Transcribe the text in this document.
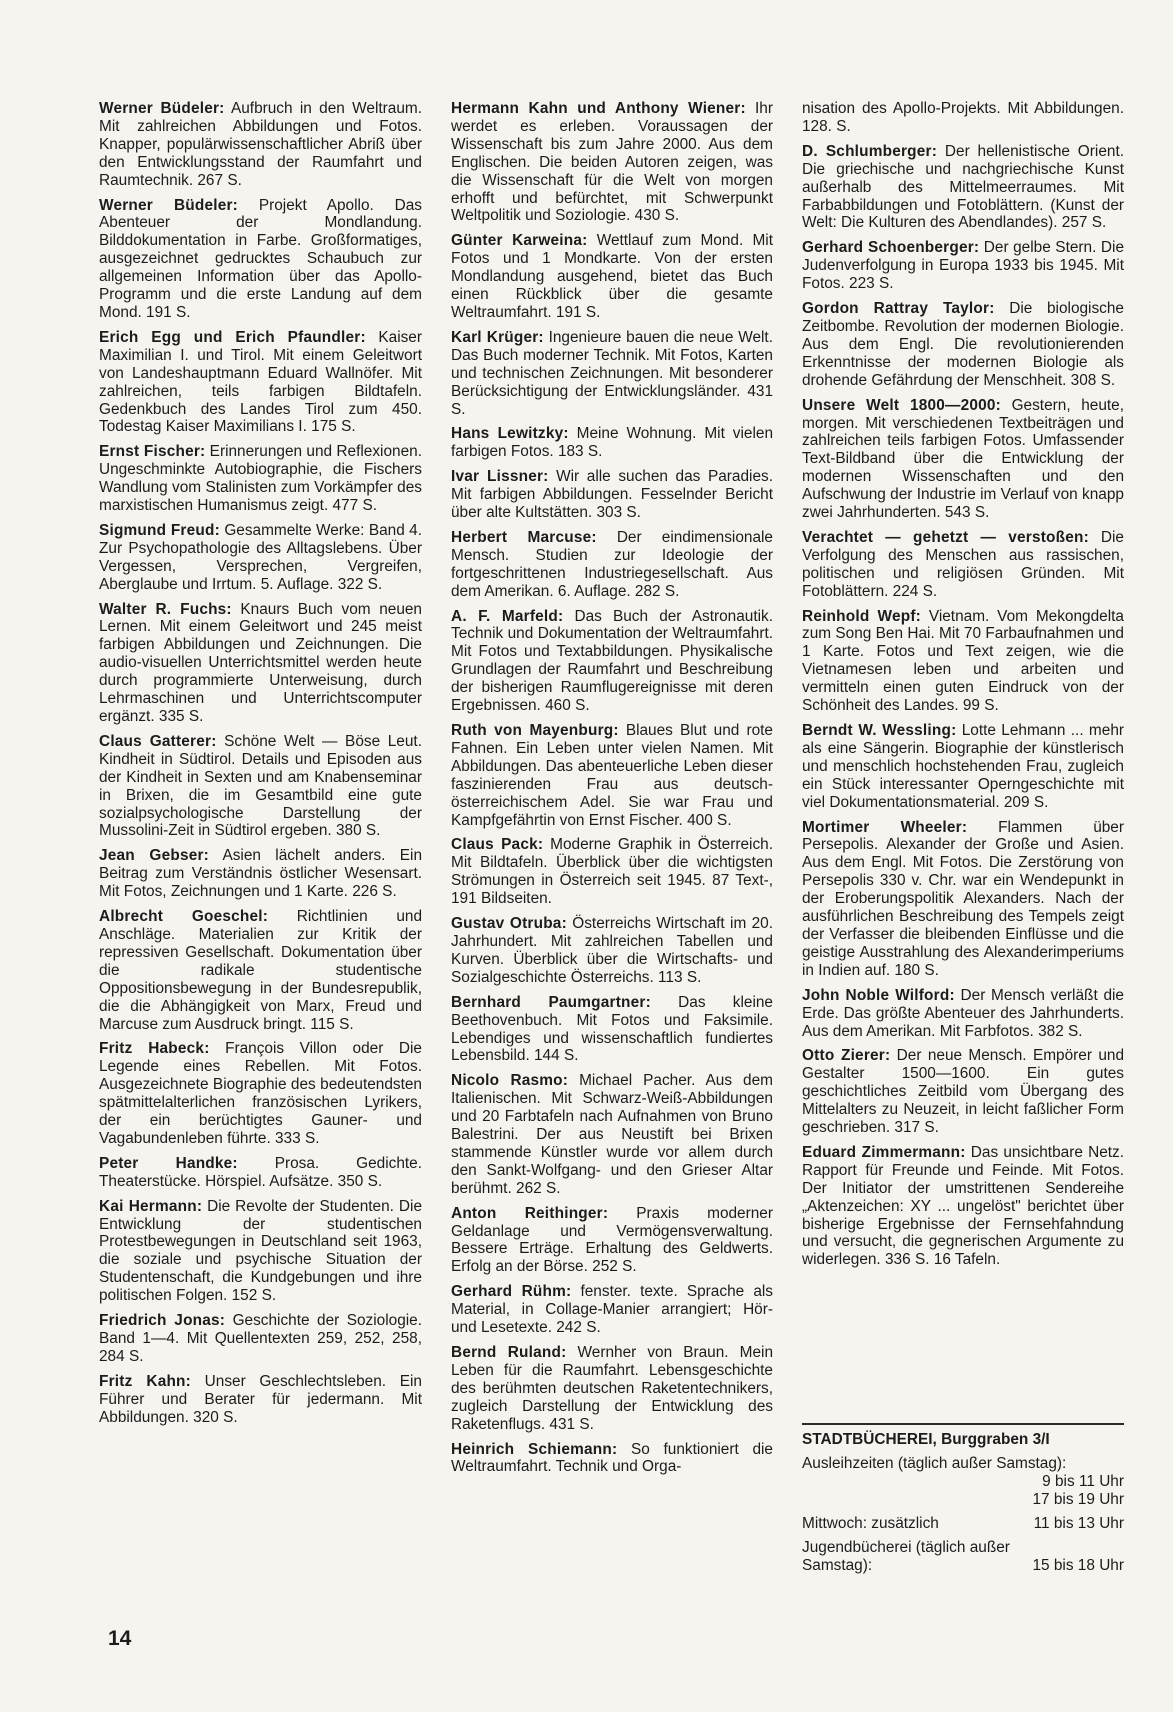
Werner Büdeler: Aufbruch in den Weltraum. Mit zahlreichen Abbildungen und Fotos. Knapper, populärwissenschaftlicher Abriß über den Entwicklungsstand der Raumfahrt und Raumtechnik. 267 S.

Werner Büdeler: Projekt Apollo. Das Abenteuer der Mondlandung. Bilddokumentation in Farbe. Großformatiges, ausgezeichnet gedrucktes Schaubuch zur allgemeinen Information über das Apollo-Programm und die erste Landung auf dem Mond. 191 S.

Erich Egg und Erich Pfaundler: Kaiser Maximilian I. und Tirol. Mit einem Geleitwort von Landeshauptmann Eduard Wallnöfer. Mit zahlreichen, teils farbigen Bildtafeln. Gedenkbuch des Landes Tirol zum 450. Todestag Kaiser Maximilians I. 175 S.

Ernst Fischer: Erinnerungen und Reflexionen. Ungeschminkte Autobiographie, die Fischers Wandlung vom Stalinisten zum Vorkämpfer des marxistischen Humanismus zeigt. 477 S.

Sigmund Freud: Gesammelte Werke: Band 4. Zur Psychopathologie des Alltagslebens. Über Vergessen, Versprechen, Vergreifen, Aberglaube und Irrtum. 5. Auflage. 322 S.

Walter R. Fuchs: Knaurs Buch vom neuen Lernen. Mit einem Geleitwort und 245 meist farbigen Abbildungen und Zeichnungen. Die audio-visuellen Unterrichtsmittel werden heute durch programmierte Unterweisung, durch Lehrmaschinen und Unterrichtscomputer ergänzt. 335 S.

Claus Gatterer: Schöne Welt — Böse Leut. Kindheit in Südtirol. Details und Episoden aus der Kindheit in Sexten und am Knabenseminar in Brixen, die im Gesamtbild eine gute sozialpsychologische Darstellung der Mussolini-Zeit in Südtirol ergeben. 380 S.

Jean Gebser: Asien lächelt anders. Ein Beitrag zum Verständnis östlicher Wesensart. Mit Fotos, Zeichnungen und 1 Karte. 226 S.

Albrecht Goeschel: Richtlinien und Anschläge. Materialien zur Kritik der repressiven Gesellschaft. Dokumentation über die radikale studentische Oppositionsbewegung in der Bundesrepublik, die die Abhängigkeit von Marx, Freud und Marcuse zum Ausdruck bringt. 115 S.

Fritz Habeck: François Villon oder Die Legende eines Rebellen. Mit Fotos. Ausgezeichnete Biographie des bedeutendsten spätmittelalterlichen französischen Lyrikers, der ein berüchtigtes Gauner- und Vagabundenleben führte. 333 S.

Peter Handke: Prosa. Gedichte. Theaterstücke. Hörspiel. Aufsätze. 350 S.

Kai Hermann: Die Revolte der Studenten. Die Entwicklung der studentischen Protestbewegungen in Deutschland seit 1963, die soziale und psychische Situation der Studentenschaft, die Kundgebungen und ihre politischen Folgen. 152 S.

Friedrich Jonas: Geschichte der Soziologie. Band 1—4. Mit Quellentexten 259, 252, 258, 284 S.

Fritz Kahn: Unser Geschlechtsleben. Ein Führer und Berater für jedermann. Mit Abbildungen. 320 S.

Hermann Kahn und Anthony Wiener: Ihr werdet es erleben. Voraussagen der Wissenschaft bis zum Jahre 2000. Aus dem Englischen. Die beiden Autoren zeigen, was die Wissenschaft für die Welt von morgen erhofft und befürchtet, mit Schwerpunkt Weltpolitik und Soziologie. 430 S.

Günter Karweina: Wettlauf zum Mond. Mit Fotos und 1 Mondkarte. Von der ersten Mondlandung ausgehend, bietet das Buch einen Rückblick über die gesamte Weltraumfahrt. 191 S.

Karl Krüger: Ingenieure bauen die neue Welt. Das Buch moderner Technik. Mit Fotos, Karten und technischen Zeichnungen. Mit besonderer Berücksichtigung der Entwicklungsländer. 431 S.

Hans Lewitzky: Meine Wohnung. Mit vielen farbigen Fotos. 183 S.

Ivar Lissner: Wir alle suchen das Paradies. Mit farbigen Abbildungen. Fesselnder Bericht über alte Kultstätten. 303 S.

Herbert Marcuse: Der eindimensionale Mensch. Studien zur Ideologie der fortgeschrittenen Industriegesellschaft. Aus dem Amerikan. 6. Auflage. 282 S.

A. F. Marfeld: Das Buch der Astronautik. Technik und Dokumentation der Weltraumfahrt. Mit Fotos und Textabbildungen. Physikalische Grundlagen der Raumfahrt und Beschreibung der bisherigen Raumflugereignisse mit deren Ergebnissen. 460 S.

Ruth von Mayenburg: Blaues Blut und rote Fahnen. Ein Leben unter vielen Namen. Mit Abbildungen. Das abenteuerliche Leben dieser faszinierenden Frau aus deutsch-österreichischem Adel. Sie war Frau und Kampfgefährtin von Ernst Fischer. 400 S.

Claus Pack: Moderne Graphik in Österreich. Mit Bildtafeln. Überblick über die wichtigsten Strömungen in Österreich seit 1945. 87 Text-, 191 Bildseiten.

Gustav Otruba: Österreichs Wirtschaft im 20. Jahrhundert. Mit zahlreichen Tabellen und Kurven. Überblick über die Wirtschafts- und Sozialgeschichte Österreichs. 113 S.

Bernhard Paumgartner: Das kleine Beethovenbuch. Mit Fotos und Faksimile. Lebendiges und wissenschaftlich fundiertes Lebensbild. 144 S.

Nicolo Rasmo: Michael Pacher. Aus dem Italienischen. Mit Schwarz-Weiß-Abbildungen und 20 Farbtafeln nach Aufnahmen von Bruno Balestrini. Der aus Neustift bei Brixen stammende Künstler wurde vor allem durch den Sankt-Wolfgang- und den Grieser Altar berühmt. 262 S.

Anton Reithinger: Praxis moderner Geldanlage und Vermögensverwaltung. Bessere Erträge. Erhaltung des Geldwerts. Erfolg an der Börse. 252 S.

Gerhard Rühm: fenster. texte. Sprache als Material, in Collage-Manier arrangiert; Hör- und Lesetexte. 242 S.

Bernd Ruland: Wernher von Braun. Mein Leben für die Raumfahrt. Lebensgeschichte des berühmten deutschen Raketentechnikers, zugleich Darstellung der Entwicklung des Raketenflugs. 431 S.

Heinrich Schiemann: So funktioniert die Weltraumfahrt. Technik und Orga-

nisation des Apollo-Projekts. Mit Abbildungen. 128. S.

D. Schlumberger: Der hellenistische Orient. Die griechische und nachgriechische Kunst außerhalb des Mittelmeerraumes. Mit Farbabbildungen und Fotoblättern. (Kunst der Welt: Die Kulturen des Abendlandes). 257 S.

Gerhard Schoenberger: Der gelbe Stern. Die Judenverfolgung in Europa 1933 bis 1945. Mit Fotos. 223 S.

Gordon Rattray Taylor: Die biologische Zeitbombe. Revolution der modernen Biologie. Aus dem Engl. Die revolutionierenden Erkenntnisse der modernen Biologie als drohende Gefährdung der Menschheit. 308 S.

Unsere Welt 1800—2000: Gestern, heute, morgen. Mit verschiedenen Textbeiträgen und zahlreichen teils farbigen Fotos. Umfassender Text-Bildband über die Entwicklung der modernen Wissenschaften und den Aufschwung der Industrie im Verlauf von knapp zwei Jahrhunderten. 543 S.

Verachtet — gehetzt — verstoßen: Die Verfolgung des Menschen aus rassischen, politischen und religiösen Gründen. Mit Fotoblättern. 224 S.

Reinhold Wepf: Vietnam. Vom Mekongdelta zum Song Ben Hai. Mit 70 Farbaufnahmen und 1 Karte. Fotos und Text zeigen, wie die Vietnamesen leben und arbeiten und vermitteln einen guten Eindruck von der Schönheit des Landes. 99 S.

Berndt W. Wessling: Lotte Lehmann ... mehr als eine Sängerin. Biographie der künstlerisch und menschlich hochstehenden Frau, zugleich ein Stück interessanter Operngeschichte mit viel Dokumentationsmaterial. 209 S.

Mortimer Wheeler: Flammen über Persepolis. Alexander der Große und Asien. Aus dem Engl. Mit Fotos. Die Zerstörung von Persepolis 330 v. Chr. war ein Wendepunkt in der Eroberungspolitik Alexanders. Nach der ausführlichen Beschreibung des Tempels zeigt der Verfasser die bleibenden Einflüsse und die geistige Ausstrahlung des Alexanderimperiums in Indien auf. 180 S.

John Noble Wilford: Der Mensch verläßt die Erde. Das größte Abenteuer des Jahrhunderts. Aus dem Amerikan. Mit Farbfotos. 382 S.

Otto Zierer: Der neue Mensch. Empörer und Gestalter 1500—1600. Ein gutes geschichtliches Zeitbild vom Übergang des Mittelalters zu Neuzeit, in leicht faßlicher Form geschrieben. 317 S.

Eduard Zimmermann: Das unsichtbare Netz. Rapport für Freunde und Feinde. Mit Fotos. Der Initiator der umstrittenen Sendereihe „Aktenzeichen: XY ... ungelöst" berichtet über bisherige Ergebnisse der Fernsehfahndung und versucht, die gegnerischen Argumente zu widerlegen. 336 S. 16 Tafeln.

STADTBÜCHEREI, Burggraben 3/I
Ausleihzeiten (täglich außer Samstag):
9 bis 11 Uhr
17 bis 19 Uhr
Mittwoch: zusätzlich	11 bis 13 Uhr
Jugendbücherei (täglich außer Samstag):	15 bis 18 Uhr
14
